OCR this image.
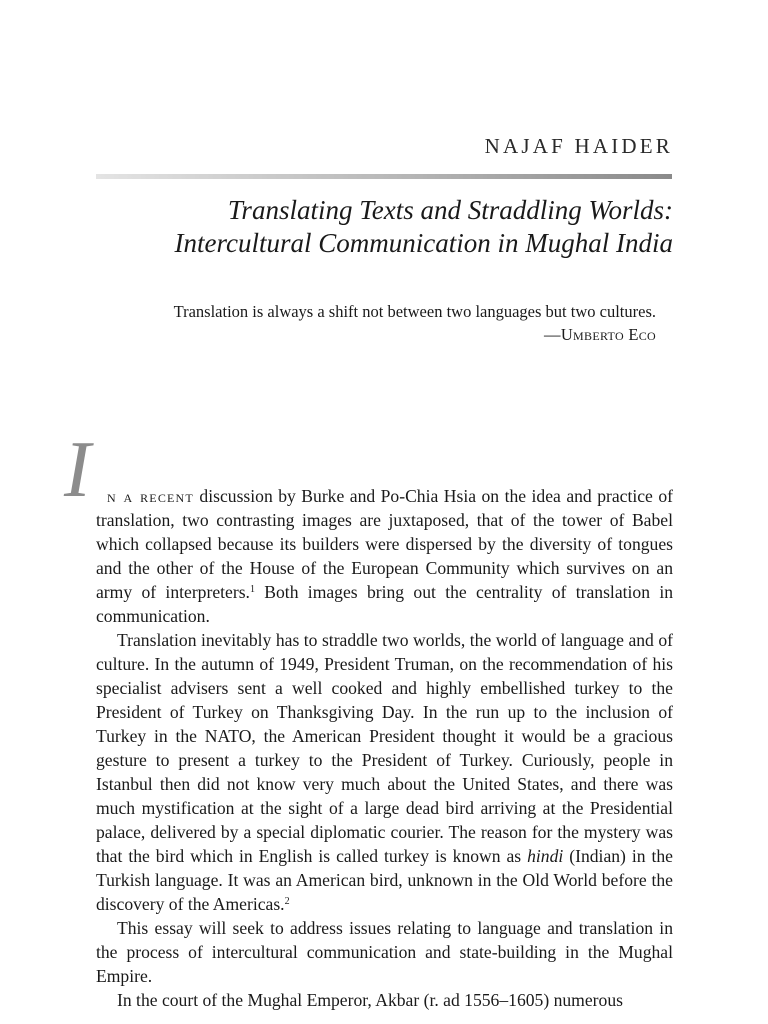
NAJAF HAIDER
Translating Texts and Straddling Worlds:
Intercultural Communication in Mughal India
Translation is always a shift not between two languages but two cultures.
—Umberto Eco
I n a recent discussion by Burke and Po-Chia Hsia on the idea and practice of translation, two contrasting images are juxtaposed, that of the tower of Babel which collapsed because its builders were dispersed by the diversity of tongues and the other of the House of the European Community which survives on an army of interpreters.$^1$ Both images bring out the centrality of translation in communication.

Translation inevitably has to straddle two worlds, the world of language and of culture. In the autumn of 1949, President Truman, on the recommendation of his specialist advisers sent a well cooked and highly embellished turkey to the President of Turkey on Thanksgiving Day. In the run up to the inclusion of Turkey in the NATO, the American President thought it would be a gracious gesture to present a turkey to the President of Turkey. Curiously, people in Istanbul then did not know very much about the United States, and there was much mystification at the sight of a large dead bird arriving at the Presidential palace, delivered by a special diplomatic courier. The reason for the mystery was that the bird which in English is called turkey is known as hindi (Indian) in the Turkish language. It was an American bird, unknown in the Old World before the discovery of the Americas.$^2$

This essay will seek to address issues relating to language and translation in the process of intercultural communication and state-building in the Mughal Empire.

In the court of the Mughal Emperor, Akbar (r. ad 1556–1605) numerous
